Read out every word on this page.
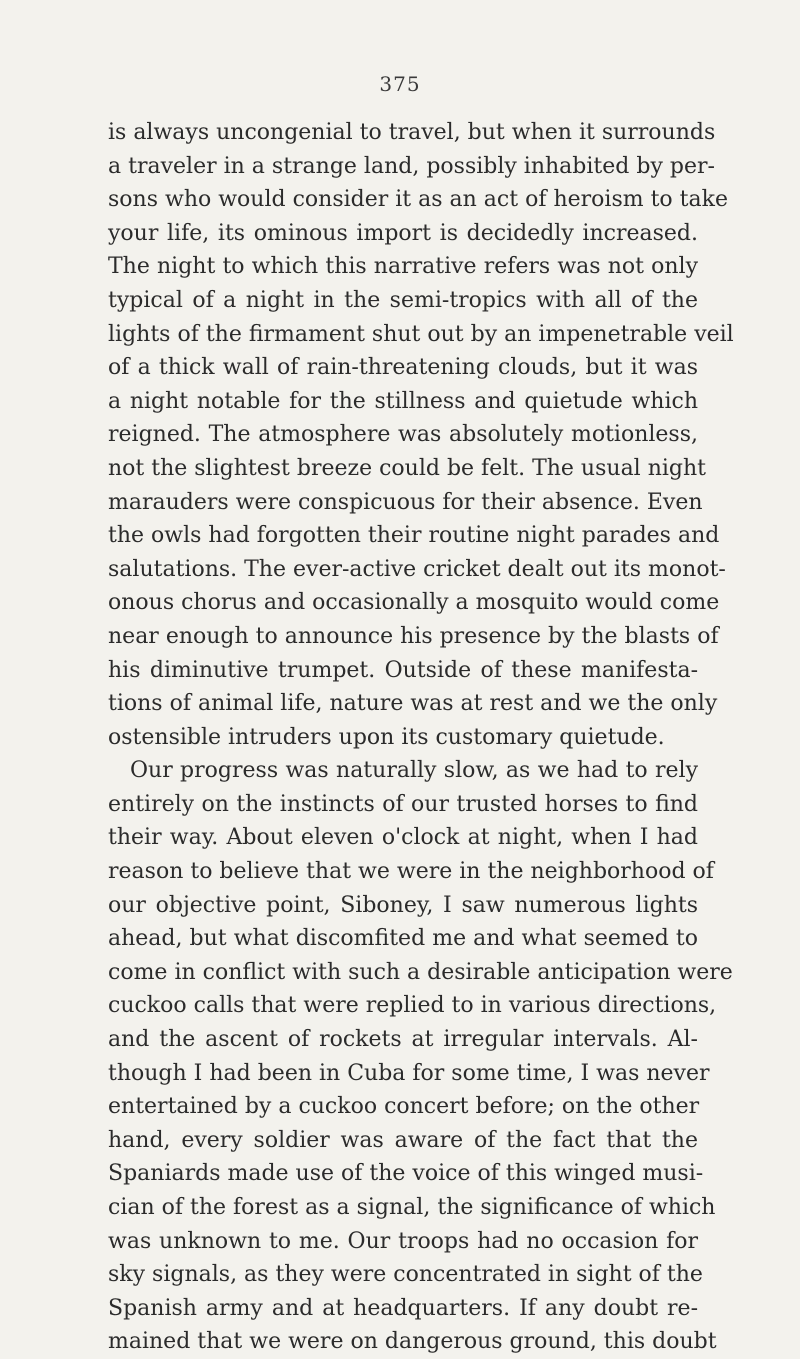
375
is always uncongenial to travel, but when it surrounds
a traveler in a strange land, possibly inhabited by per-
sons who would consider it as an act of heroism to take
your life, its ominous import is decidedly increased.
The night to which this narrative refers was not only
typical of a night in the semi-tropics with all of the
lights of the firmament shut out by an impenetrable veil
of a thick wall of rain-threatening clouds, but it was
a night notable for the stillness and quietude which
reigned. The atmosphere was absolutely motionless,
not the slightest breeze could be felt. The usual night
marauders were conspicuous for their absence. Even
the owls had forgotten their routine night parades and
salutations. The ever-active cricket dealt out its monot-
onous chorus and occasionally a mosquito would come
near enough to announce his presence by the blasts of
his diminutive trumpet. Outside of these manifesta-
tions of animal life, nature was at rest and we the only
ostensible intruders upon its customary quietude.
Our progress was naturally slow, as we had to rely
entirely on the instincts of our trusted horses to find
their way. About eleven o'clock at night, when I had
reason to believe that we were in the neighborhood of
our objective point, Siboney, I saw numerous lights
ahead, but what discomfited me and what seemed to
come in conflict with such a desirable anticipation were
cuckoo calls that were replied to in various directions,
and the ascent of rockets at irregular intervals. Al-
though I had been in Cuba for some time, I was never
entertained by a cuckoo concert before; on the other
hand, every soldier was aware of the fact that the
Spaniards made use of the voice of this winged musi-
cian of the forest as a signal, the significance of which
was unknown to me. Our troops had no occasion for
sky signals, as they were concentrated in sight of the
Spanish army and at headquarters. If any doubt re-
mained that we were on dangerous ground, this doubt
